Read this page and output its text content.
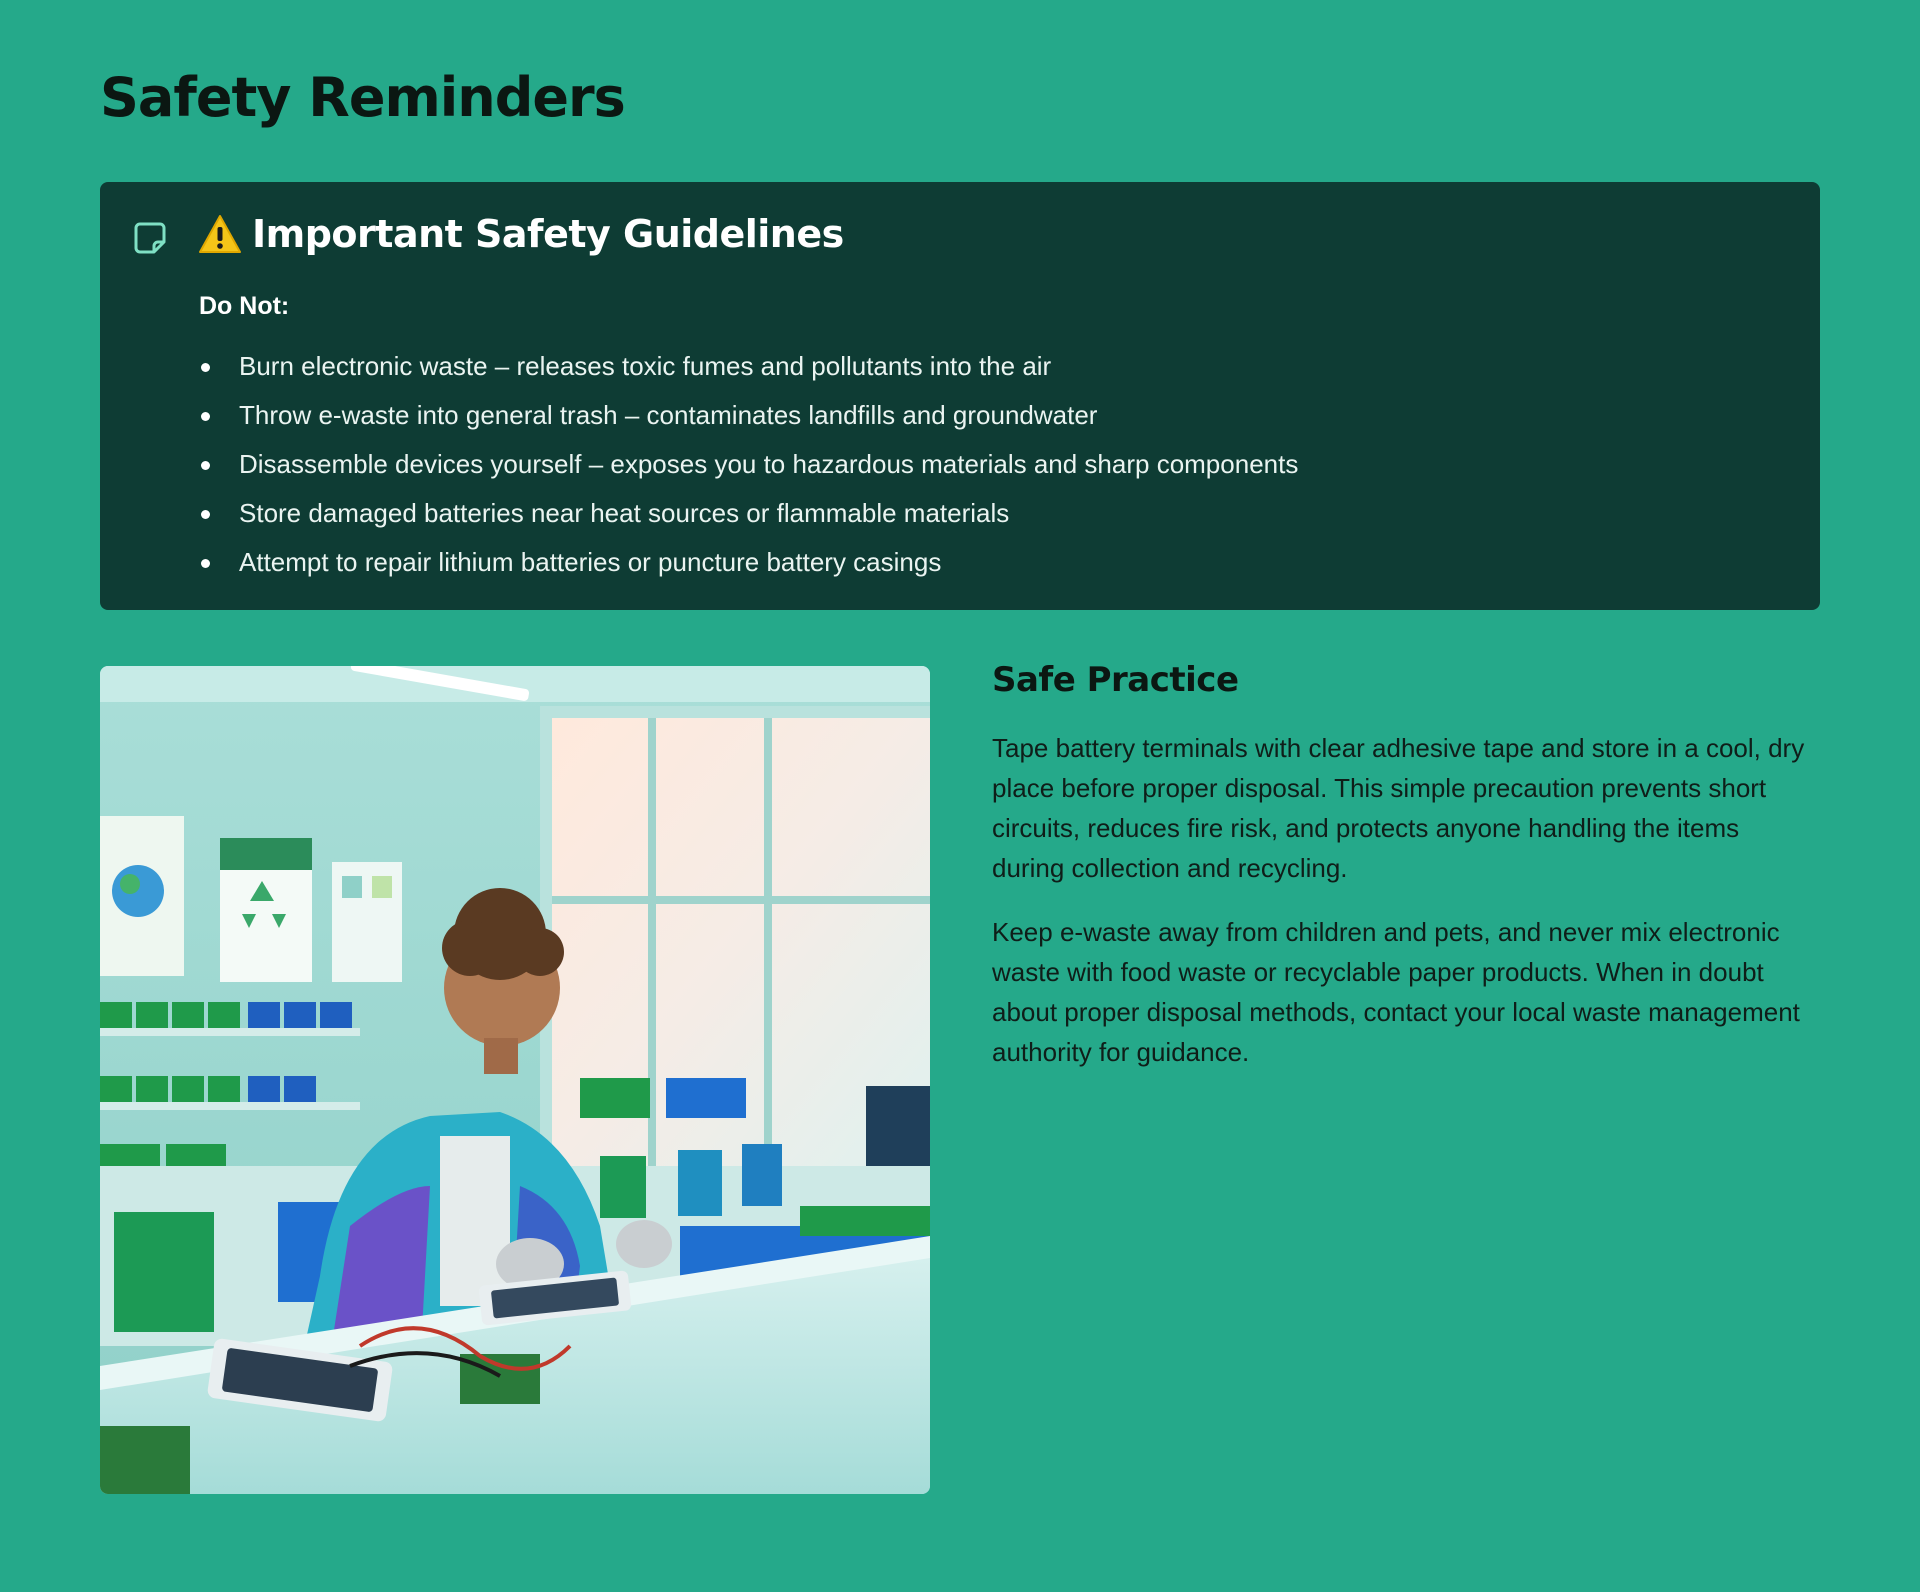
Safety Reminders
Important Safety Guidelines
Do Not:
Burn electronic waste – releases toxic fumes and pollutants into the air
Throw e-waste into general trash – contaminates landfills and groundwater
Disassemble devices yourself – exposes you to hazardous materials and sharp components
Store damaged batteries near heat sources or flammable materials
Attempt to repair lithium batteries or puncture battery casings
Safe Practice

Tape battery terminals with clear adhesive tape and store in a cool, dry place before proper disposal. This simple precaution prevents short circuits, reduces fire risk, and protects anyone handling the items during collection and recycling.

Keep e-waste away from children and pets, and never mix electronic waste with food waste or recyclable paper products. When in doubt about proper disposal methods, contact your local waste management authority for guidance.
